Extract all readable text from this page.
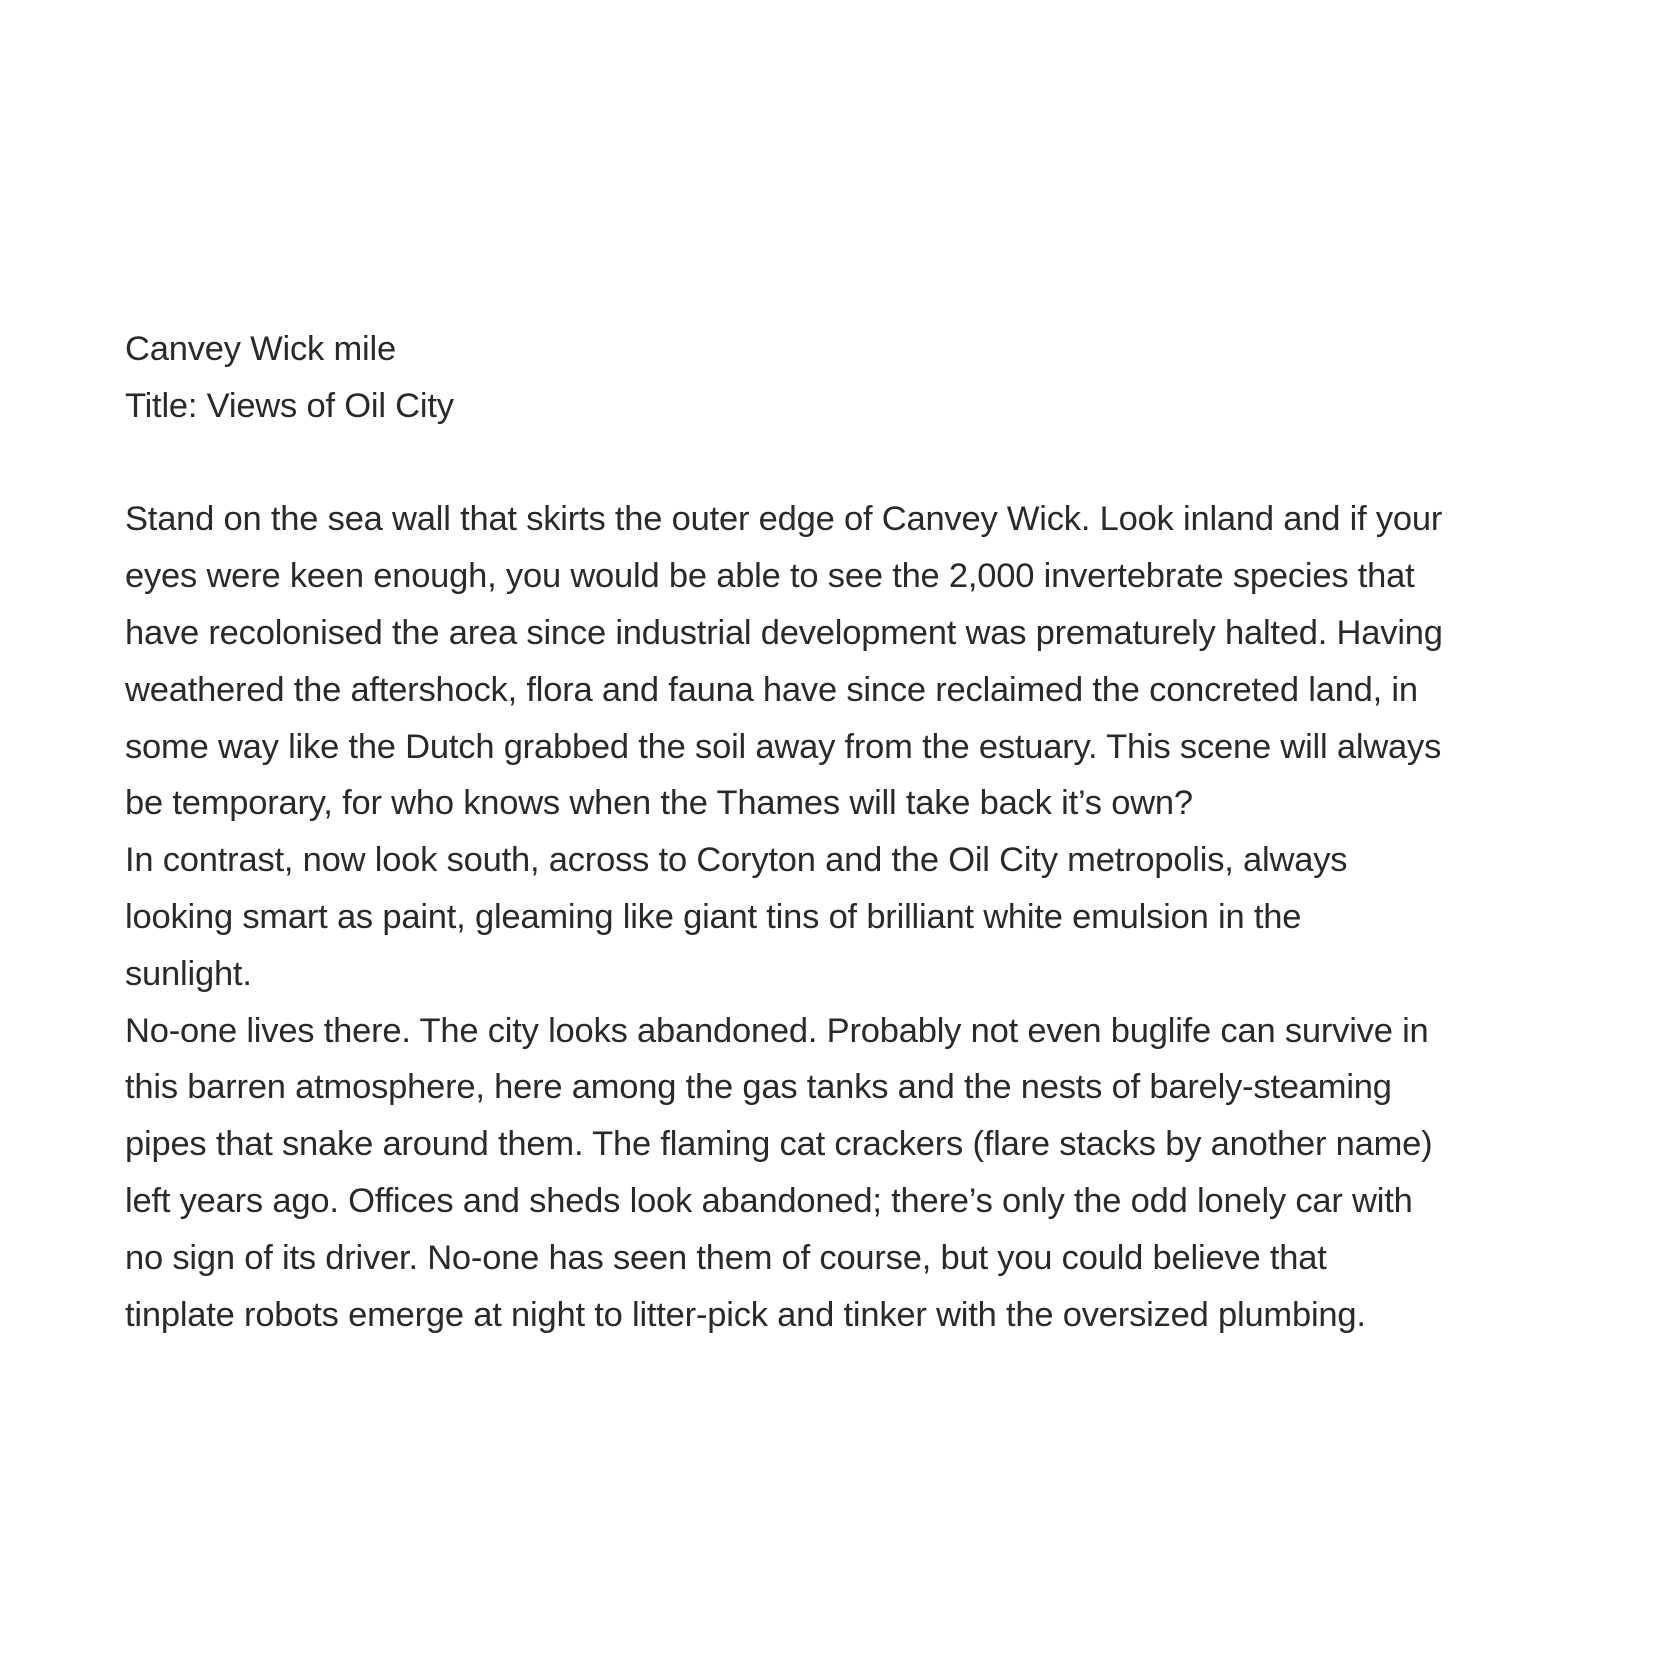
Canvey Wick mile
Title: Views of Oil City
Stand on the sea wall that skirts the outer edge of Canvey Wick. Look inland and if your
eyes were keen enough, you would be able to see the 2,000 invertebrate species that
have recolonised the area since industrial development was prematurely halted. Having
weathered the aftershock, flora and fauna have since reclaimed the concreted land, in
some way like the Dutch grabbed the soil away from the estuary. This scene will always
be temporary, for who knows when the Thames will take back it’s own?
In contrast, now look south, across to Coryton and the Oil City metropolis, always
looking smart as paint, gleaming like giant tins of brilliant white emulsion in the
sunlight.
No-one lives there. The city looks abandoned. Probably not even buglife can survive in
this barren atmosphere, here among the gas tanks and the nests of barely-steaming
pipes that snake around them. The flaming cat crackers (flare stacks by another name)
left years ago. Offices and sheds look abandoned; there’s only the odd lonely car with
no sign of its driver. No-one has seen them of course, but you could believe that
tinplate robots emerge at night to litter-pick and tinker with the oversized plumbing.
